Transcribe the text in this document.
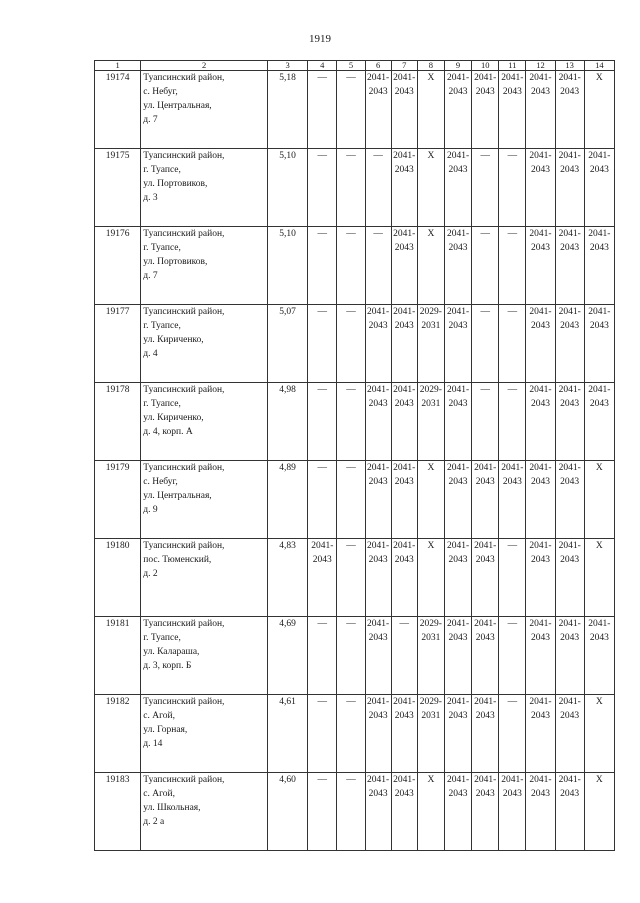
1919
1	2	3	4	5	6	7	8	9	10	11	12	13	14
19174	Туапсинский район,
с. Небуг,
ул. Центральная,
д. 7	5,18	—	—	2041-
2043	2041-
2043	X	2041-
2043	2041-
2043	2041-
2043	2041-
2043	2041-
2043	X
19175	Туапсинский район,
г. Туапсе,
ул. Портовиков,
д. 3	5,10	—	—	—	2041-
2043	X	2041-
2043	—	—	2041-
2043	2041-
2043	2041-
2043

19176	Туапсинский район,
г. Туапсе,
ул. Портовиков,
д. 7	5,10	—	—	—	2041-
2043	X	2041-
2043	—	—	2041-
2043	2041-
2043	2041-
2043

19177	Туапсинский район,
г. Туапсе,
ул. Кириченко,
д. 4	5,07	—	—	2041-
2043	2041-
2043	2029-
2031	2041-
2043	—	—	2041-
2043	2041-
2043	2041-
2043

19178	Туапсинский район,
г. Туапсе,
ул. Кириченко,
д. 4, корп. А	4,98	—	—	2041-
2043	2041-
2043	2029-
2031	2041-
2043	—	—	2041-
2043	2041-
2043	2041-
2043

19179	Туапсинский район,
с. Небуг,
ул. Центральная,
д. 9	4,89	—	—	2041-
2043	2041-
2043	X	2041-
2043	2041-
2043	2041-
2043	2041-
2043	2041-
2043	X
19180	Туапсинский район,
пос. Тюменский,
д. 2	4,83	2041-
2043	—	2041-
2043	2041-
2043	X	2041-
2043	2041-
2043	—	2041-
2043	2041-
2043	X
19181	Туапсинский район,
г. Туапсе,
ул. Калараша,
д. 3, корп. Б	4,69	—	—	2041-
2043	—	2029-
2031	2041-
2043	2041-
2043	—	2041-
2043	2041-
2043	2041-
2043

19182	Туапсинский район,
с. Агой,
ул. Горная,
д. 14	4,61	—	—	2041-
2043	2041-
2043	2029-
2031	2041-
2043	2041-
2043	—	2041-
2043	2041-
2043	X
19183	Туапсинский район,
с. Агой,
ул. Школьная,
д. 2 а	4,60	—	—	2041-
2043	2041-
2043	X	2041-
2043	2041-
2043	2041-
2043	2041-
2043	2041-
2043	X
